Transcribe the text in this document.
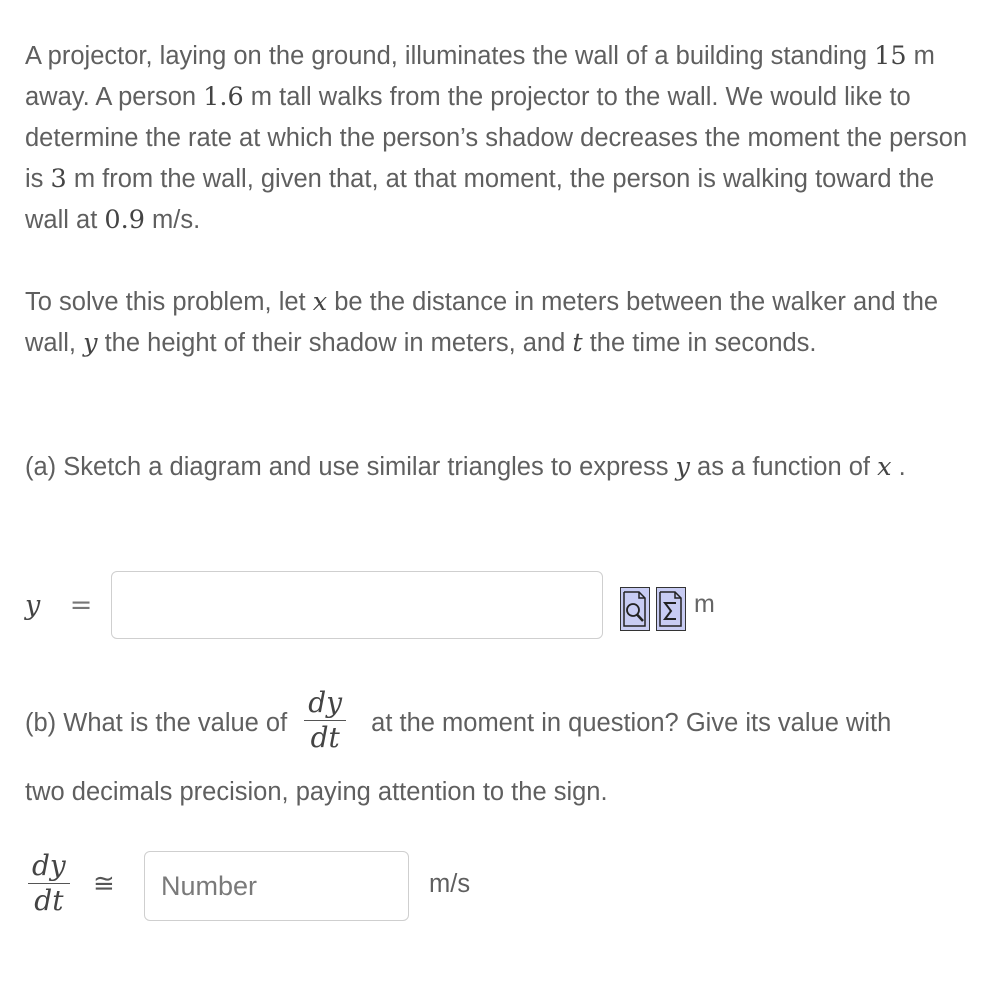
A projector, laying on the ground, illuminates the wall of a building standing 15 m away. A person 1.6 m tall walks from the projector to the wall. We would like to determine the rate at which the person’s shadow decreases the moment the person is 3 m from the wall, given that, at that moment, the person is walking toward the wall at 0.9 m/s.

To solve this problem, let x be the distance in meters between the walker and the wall, y the height of their shadow in meters, and t the time in seconds.

(a) Sketch a diagram and use similar triangles to express y as a function of x .

y =	m
(b) What is the value of $\frac{dy}{dt}$ at the moment in question? Give its value with
two decimals precision, paying attention to the sign.
$\frac{dy}{dt}$ ≅
Number	m/s
